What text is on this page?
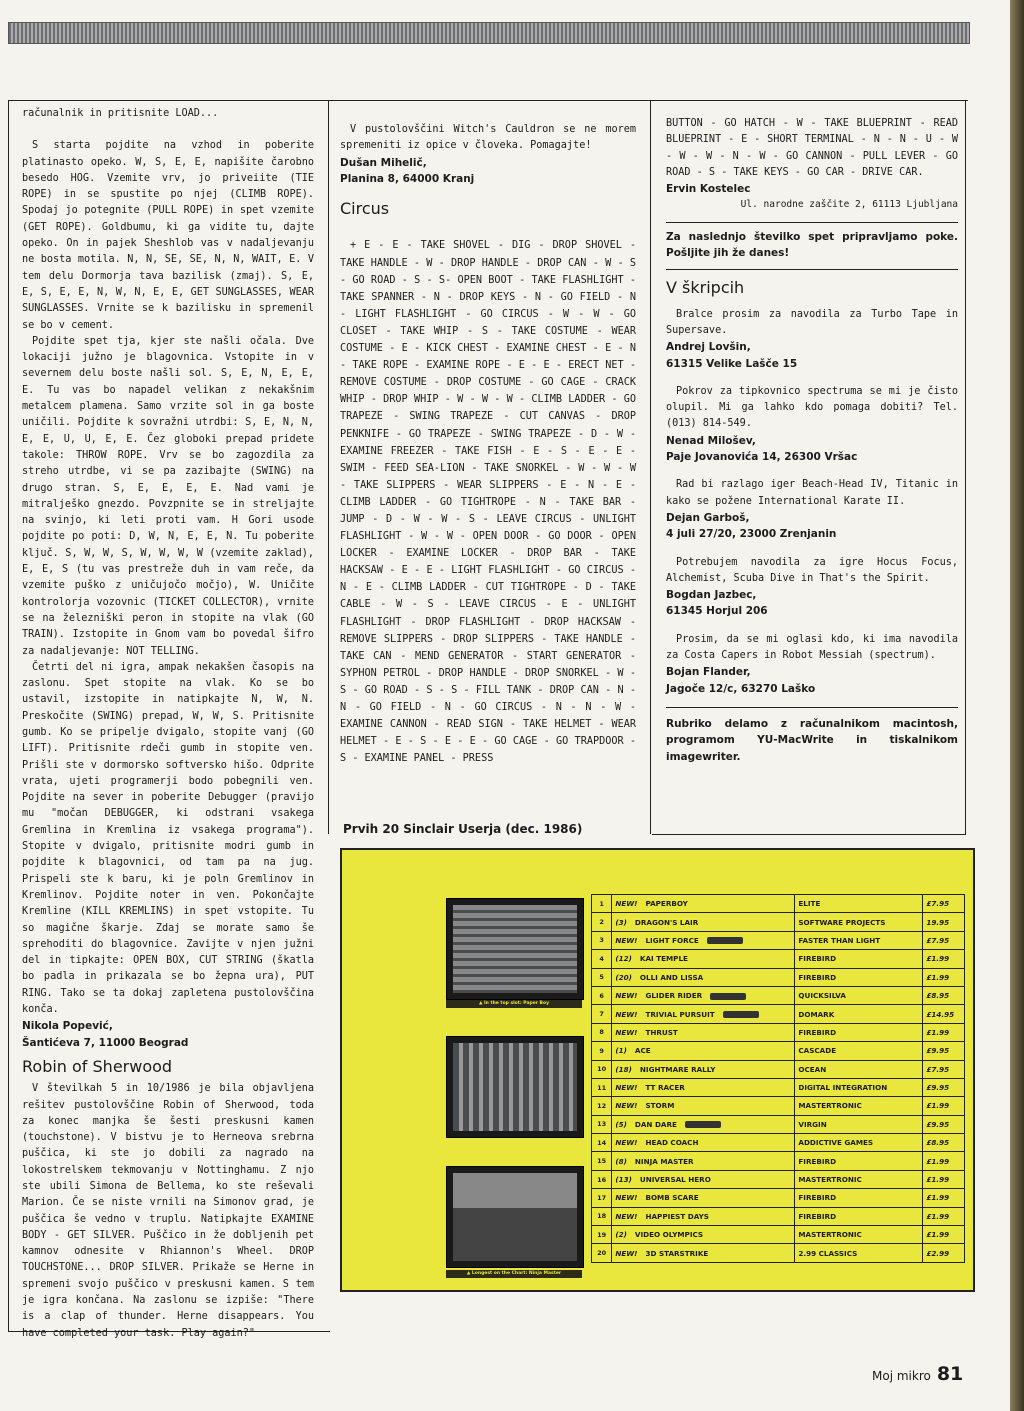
računalnik in pritisnite LOAD...

S starta pojdite na vzhod in poberite platinasto opeko. W, S, E, E, napišite čarobno besedo HOG. Vzemite vrv, jo priveiite (TIE ROPE) in se spustite po njej (CLIMB ROPE). Spodaj jo potegnite (PULL ROPE) in spet vzemite (GET ROPE). Goldbumu, ki ga vidite tu, dajte opeko. On in pajek Sheshlob vas v nadaljevanju ne bosta motila. N, N, SE, SE, N, N, WAIT, E. V tem delu Dormorja tava bazilisk (zmaj). S, E, E, S, E, E, N, W, N, E, E, GET SUNGLASSES, WEAR SUNGLASSES. Vrnite se k bazilisku in spremenil se bo v cement.

Pojdite spet tja, kjer ste našli očala. Dve lokaciji južno je blagovnica. Vstopite in v severnem delu boste našli sol. S, E, N, E, E, E. Tu vas bo napadel velikan z nekakšnim metalcem plamena. Samo vrzite sol in ga boste uničili. Pojdite k sovražni utrdbi: S, E, N, N, E, E, U, U, E, E. Čez globoki prepad pridete takole: THROW ROPE. Vrv se bo zagozdila za streho utrdbe, vi se pa zazibajte (SWING) na drugo stran. S, E, E, E, E. Nad vami je mitralješko gnezdo. Povzpnite se in streljajte na svinjo, ki leti proti vam. H Gori usode pojdite po poti: D, W, N, E, E, N. Tu poberite ključ. S, W, W, S, W, W, W, W (vzemite zaklad), E, E, S (tu vas prestreže duh in vam reče, da vzemite puško z uničujočo močjo), W. Uničite kontrolorja vozovnic (TICKET COLLECTOR), vrnite se na železniški peron in stopite na vlak (GO TRAIN). Izstopite in Gnom vam bo povedal šifro za nadaljevanje: NOT TELLING.

Četrti del ni igra, ampak nekakšen časopis na zaslonu. Spet stopite na vlak. Ko se bo ustavil, izstopite in natipkajte N, W, N. Preskočite (SWING) prepad, W, W, S. Pritisnite gumb. Ko se pripelje dvigalo, stopite vanj (GO LIFT). Pritisnite rdeči gumb in stopite ven. Prišli ste v dormorsko softversko hišo. Odprite vrata, ujeti programerji bodo pobegnili ven. Pojdite na sever in poberite Debugger (pravijo mu "močan DEBUGGER, ki odstrani vsakega Gremlina in Kremlina iz vsakega programa"). Stopite v dvigalo, pritisnite modri gumb in pojdite k blagovnici, od tam pa na jug. Prispeli ste k baru, ki je poln Gremlinov in Kremlinov. Pojdite noter in ven. Pokončajte Kremline (KILL KREMLINS) in spet vstopite. Tu so magične škarje. Zdaj se morate samo še sprehoditi do blagovnice. Zavijte v njen južni del in tipkajte: OPEN BOX, CUT STRING (škatla bo padla in prikazala se bo žepna ura), PUT RING. Tako se ta dokaj zapletena pustolovščina konča.

Nikola Popević,

Šantićeva 7, 11000 Beograd

Robin of Sherwood

V številkah 5 in 10/1986 je bila objavljena rešitev pustolovščine Robin of Sherwood, toda za konec manjka še šesti preskusni kamen (touchstone). V bistvu je to Herneova srebrna puščica, ki ste jo dobili za nagrado na lokostrelskem tekmovanju v Nottinghamu. Z njo ste ubili Simona de Bellema, ko ste reševali Marion. Če se niste vrnili na Simonov grad, je puščica še vedno v truplu. Natipkajte EXAMINE BODY - GET SILVER. Puščico in že dobljenih pet kamnov odnesite v Rhiannon's Wheel. DROP TOUCHSTONE... DROP SILVER. Prikaže se Herne in spremeni svojo puščico v preskusni kamen. S tem je igra končana. Na zaslonu se izpiše: "There is a clap of thunder. Herne disappears. You have completed your task. Play again?"

V pustolovščini Witch's Cauldron se ne morem spremeniti iz opice v človeka. Pomagajte!

Dušan Mihelič,

Planina 8, 64000 Kranj

Circus

+ E - E - TAKE SHOVEL - DIG - DROP SHOVEL - TAKE HANDLE - W - DROP HANDLE - DROP CAN - W - S - GO ROAD - S - S- OPEN BOOT - TAKE FLASHLIGHT - TAKE SPANNER - N - DROP KEYS - N - GO FIELD - N - LIGHT FLASHLIGHT - GO CIRCUS - W - W - GO CLOSET - TAKE WHIP - S - TAKE COSTUME - WEAR COSTUME - E - KICK CHEST - EXAMINE CHEST - E - N - TAKE ROPE - EXAMINE ROPE - E - E - ERECT NET - REMOVE COSTUME - DROP COSTUME - GO CAGE - CRACK WHIP - DROP WHIP - W - W - W - CLIMB LADDER - GO TRAPEZE - SWING TRAPEZE - CUT CANVAS - DROP PENKNIFE - GO TRAPEZE - SWING TRAPEZE - D - W - EXAMINE FREEZER - TAKE FISH - E - S - E - E - SWIM - FEED SEA-LION - TAKE SNORKEL - W - W - W - TAKE SLIPPERS - WEAR SLIPPERS - E - N - E - CLIMB LADDER - GO TIGHTROPE - N - TAKE BAR - JUMP - D - W - W - S - LEAVE CIRCUS - UNLIGHT FLASHLIGHT - W - W - OPEN DOOR - GO DOOR - OPEN LOCKER - EXAMINE LOCKER - DROP BAR - TAKE HACKSAW - E - E - LIGHT FLASHLIGHT - GO CIRCUS - N - E - CLIMB LADDER - CUT TIGHTROPE - D - TAKE CABLE - W - S - LEAVE CIRCUS - E - UNLIGHT FLASHLIGHT - DROP FLASHLIGHT - DROP HACKSAW - REMOVE SLIPPERS - DROP SLIPPERS - TAKE HANDLE - TAKE CAN - MEND GENERATOR - START GENERATOR - SYPHON PETROL - DROP HANDLE - DROP SNORKEL - W - S - GO ROAD - S - S - FILL TANK - DROP CAN - N - N - GO FIELD - N - GO CIRCUS - N - N - W - EXAMINE CANNON - READ SIGN - TAKE HELMET - WEAR HELMET - E - S - E - E - GO CAGE - GO TRAPDOOR - S - EXAMINE PANEL - PRESS

BUTTON - GO HATCH - W - TAKE BLUEPRINT - READ BLUEPRINT - E - SHORT TERMINAL - N - N - U - W - W - W - N - W - GO CANNON - PULL LEVER - GO ROAD - S - TAKE KEYS - GO CAR - DRIVE CAR.

Ervin Kostelec

Ul. narodne zaščite 2, 61113 Ljubljana

Za naslednjo številko spet pripravljamo poke. Pošljite jih že danes!

V škripcih

Bralce prosim za navodila za Turbo Tape in Supersave.

Andrej Lovšin,

61315 Velike Lašče 15

Pokrov za tipkovnico spectruma se mi je čisto olupil. Mi ga lahko kdo pomaga dobiti? Tel. (013) 814-549.

Nenad Milošev,

Paje Jovanovića 14, 26300 Vršac

Rad bi razlago iger Beach-Head IV, Titanic in kako se požene International Karate II.

Dejan Garboš,

4 juli 27/20, 23000 Zrenjanin

Potrebujem navodila za igre Hocus Focus, Alchemist, Scuba Dive in That's the Spirit.

Bogdan Jazbec,

61345 Horjul 206

Prosim, da se mi oglasi kdo, ki ima navodila za Costa Capers in Robot Messiah (spectrum).

Bojan Flander,

Jagoče 12/c, 63270 Laško

Rubriko delamo z računalnikom macintosh, programom YU-MacWrite in tiskalnikom imagewriter.

Prvih 20 Sinclair Userja (dec. 1986)
▲ In the top slot: Paper Boy
▲ Longest on the Chart: Ninja Master
1	NEW! PAPERBOY	ELITE	£7.95
2	(3) DRAGON'S LAIR	SOFTWARE PROJECTS	19.95
3	NEW! LIGHT FORCE	FASTER THAN LIGHT	£7.95
4	(12) KAI TEMPLE	FIREBIRD	£1.99
5	(20) OLLI AND LISSA	FIREBIRD	£1.99
6	NEW! GLIDER RIDER	QUICKSILVA	£8.95
7	NEW! TRIVIAL PURSUIT	DOMARK	£14.95
8	NEW! THRUST	FIREBIRD	£1.99
9	(1) ACE	CASCADE	£9.95
10	(18) NIGHTMARE RALLY	OCEAN	£7.95
11	NEW! TT RACER	DIGITAL INTEGRATION	£9.95
12	NEW! STORM	MASTERTRONIC	£1.99
13	(5) DAN DARE	VIRGIN	£9.95
14	NEW! HEAD COACH	ADDICTIVE GAMES	£8.95
15	(8) NINJA MASTER	FIREBIRD	£1.99
16	(13) UNIVERSAL HERO	MASTERTRONIC	£1.99
17	NEW! BOMB SCARE	FIREBIRD	£1.99
18	NEW! HAPPIEST DAYS	FIREBIRD	£1.99
19	(2) VIDEO OLYMPICS	MASTERTRONIC	£1.99
20	NEW! 3D STARSTRIKE	2.99 CLASSICS	£2.99
Moj mikro 81
